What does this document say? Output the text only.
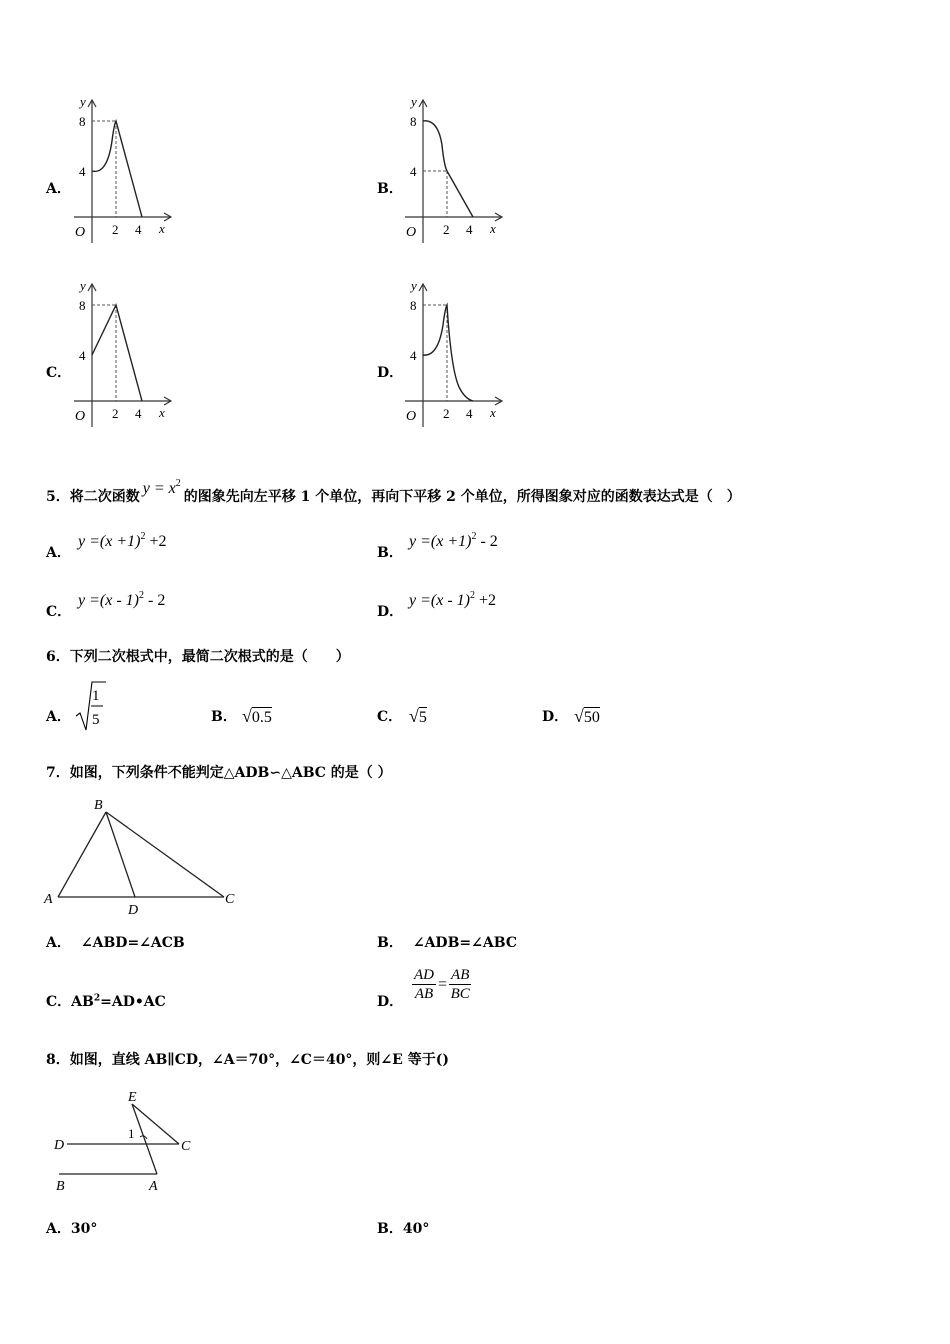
A．
y
x
O 2 4
4
8
B．
y
x
O 2 4
4
8
C．
y
x
O 2 4
4
8
D．
y
x
O 2 4
4
8
5．将二次函数 $y = x^2$的图象先向左平移 1 个单位，再向下平移 2 个单位，所得图象对应的函数表达式是（　）
A．
$y =(x +1)^2 +2$
B．
$y =(x +1)^2 - 2$
C．
y =(x - 1)$^2$ - 2
D．
y =(x - 1)$^2$ +2
6．下列二次根式中，最简二次根式的是（　　）
A．
1
5	B． √0.5	C． √5	D． √50
7．如图，下列条件不能判定△ADB∽△ABC 的是（ ）
B
A	C
D
A． ∠ABD=∠ACB	B． ∠ADB=∠ABC
C．$AB^2=AD•AC$	D． $\frac{AD}{AB} = \frac{AB}{BC}$
8．如图，直线 AB∥CD，∠A＝70°，∠C＝40°，则∠E 等于()
E
D	C
B	A
1
A．30°	B．40°
